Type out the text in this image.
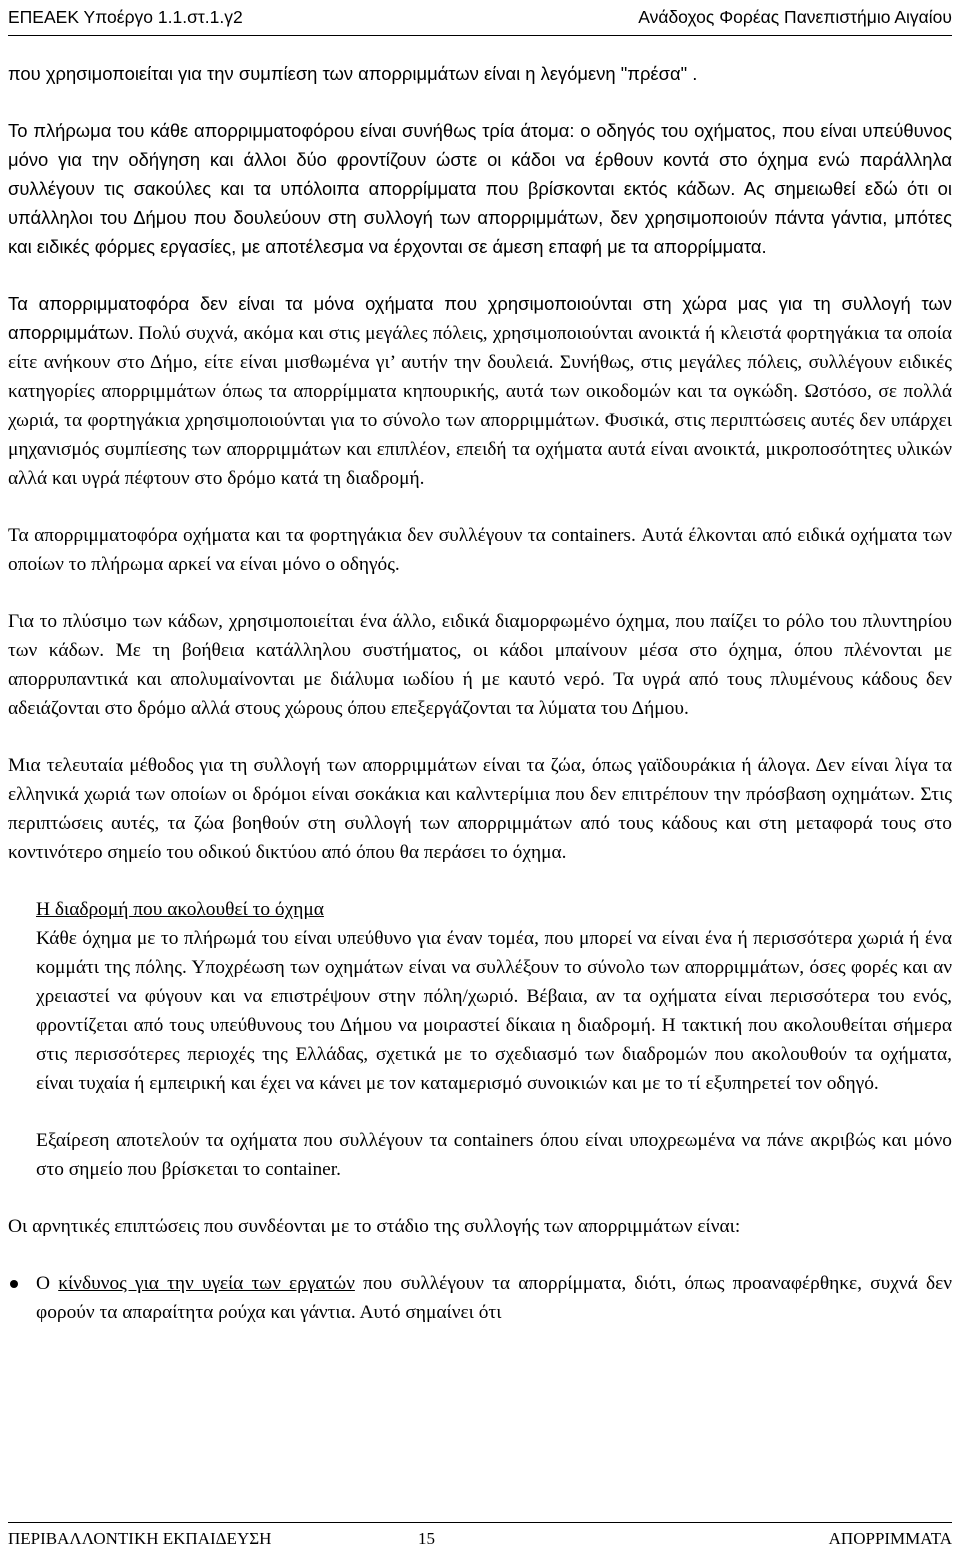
ΕΠΕΑΕΚ Υποέργο 1.1.στ.1.γ2	Ανάδοχος Φορέας Πανεπιστήμιο Αιγαίου

που χρησιμοποιείται για την συμπίεση των απορριμμάτων είναι η λεγόμενη "πρέσα" .

Το πλήρωμα του κάθε απορριμματοφόρου είναι συνήθως τρία άτομα: ο οδηγός του οχήματος, που είναι υπεύθυνος μόνο για την οδήγηση και άλλοι δύο φροντίζουν ώστε οι κάδοι να έρθουν κοντά στο όχημα ενώ παράλληλα συλλέγουν τις σακούλες και τα υπόλοιπα απορρίμματα που βρίσκονται εκτός κάδων. Ας σημειωθεί εδώ ότι οι υπάλληλοι του Δήμου που δουλεύουν στη συλλογή των απορριμμάτων, δεν χρησιμοποιούν πάντα γάντια, μπότες και ειδικές φόρμες εργασίες, με αποτέλεσμα να έρχονται σε άμεση επαφή με τα απορρίμματα.

Τα απορριμματοφόρα δεν είναι τα μόνα οχήματα που χρησιμοποιούνται στη χώρα μας για τη συλλογή των απορριμμάτων. Πολύ συχνά, ακόμα και στις μεγάλες πόλεις, χρησιμοποιούνται ανοικτά ή κλειστά φορτηγάκια τα οποία είτε ανήκουν στο Δήμο, είτε είναι μισθωμένα γι’ αυτήν την δουλειά. Συνήθως, στις μεγάλες πόλεις, συλλέγουν ειδικές κατηγορίες απορριμμάτων όπως τα απορρίμματα κηπουρικής, αυτά των οικοδομών και τα ογκώδη. Ωστόσο, σε πολλά χωριά, τα φορτηγάκια χρησιμοποιούνται για το σύνολο των απορριμμάτων. Φυσικά, στις περιπτώσεις αυτές δεν υπάρχει μηχανισμός συμπίεσης των απορριμμάτων και επιπλέον, επειδή τα οχήματα αυτά είναι ανοικτά, μικροποσότητες υλικών αλλά και υγρά πέφτουν στο δρόμο κατά τη διαδρομή.

Τα απορριμματοφόρα οχήματα και τα φορτηγάκια δεν συλλέγουν τα containers. Αυτά έλκονται από ειδικά οχήματα των οποίων το πλήρωμα αρκεί να είναι μόνο ο οδηγός.

Για το πλύσιμο των κάδων, χρησιμοποιείται ένα άλλο, ειδικά διαμορφωμένο όχημα, που παίζει το ρόλο του πλυντηρίου των κάδων. Με τη βοήθεια κατάλληλου συστήματος, οι κάδοι μπαίνουν μέσα στο όχημα, όπου πλένονται με απορρυπαντικά και απολυμαίνονται με διάλυμα ιωδίου ή με καυτό νερό. Τα υγρά από τους πλυμένους κάδους δεν αδειάζονται στο δρόμο αλλά στους χώρους όπου επεξεργάζονται τα λύματα του Δήμου.

Μια τελευταία μέθοδος για τη συλλογή των απορριμμάτων είναι τα ζώα, όπως γαϊδουράκια ή άλογα. Δεν είναι λίγα τα ελληνικά χωριά των οποίων οι δρόμοι είναι σοκάκια και καλντερίμια που δεν επιτρέπουν την πρόσβαση οχημάτων. Στις περιπτώσεις αυτές, τα ζώα βοηθούν στη συλλογή των απορριμμάτων από τους κάδους και στη μεταφορά τους στο κοντινότερο σημείο του οδικού δικτύου από όπου θα περάσει το όχημα.

Η διαδρομή που ακολουθεί το όχημα

Κάθε όχημα με το πλήρωμά του είναι υπεύθυνο για έναν τομέα, που μπορεί να είναι ένα ή περισσότερα χωριά ή ένα κομμάτι της πόλης. Υποχρέωση των οχημάτων είναι να συλλέξουν το σύνολο των απορριμμάτων, όσες φορές και αν χρειαστεί να φύγουν και να επιστρέψουν στην πόλη/χωριό. Βέβαια, αν τα οχήματα είναι περισσότερα του ενός, φροντίζεται από τους υπεύθυνους του Δήμου να μοιραστεί δίκαια η διαδρομή. Η τακτική που ακολουθείται σήμερα στις περισσότερες περιοχές της Ελλάδας, σχετικά με το σχεδιασμό των διαδρομών που ακολουθούν τα οχήματα, είναι τυχαία ή εμπειρική και έχει να κάνει με τον καταμερισμό συνοικιών και με το τί εξυπηρετεί τον οδηγό.

Εξαίρεση αποτελούν τα οχήματα που συλλέγουν τα containers όπου είναι υποχρεωμένα να πάνε ακριβώς και μόνο στο σημείο που βρίσκεται το container.

Οι αρνητικές επιπτώσεις που συνδέονται με το στάδιο της συλλογής των απορριμμάτων είναι:

Ο κίνδυνος για την υγεία των εργατών που συλλέγουν τα απορρίμματα, διότι, όπως προαναφέρθηκε, συχνά δεν φορούν τα απαραίτητα ρούχα και γάντια. Αυτό σημαίνει ότι
ΠΕΡΙΒΑΛΛΟΝΤΙΚΗ ΕΚΠΑΙΔΕΥΣΗ	15	ΑΠΟΡΡΙΜΜΑΤΑ
